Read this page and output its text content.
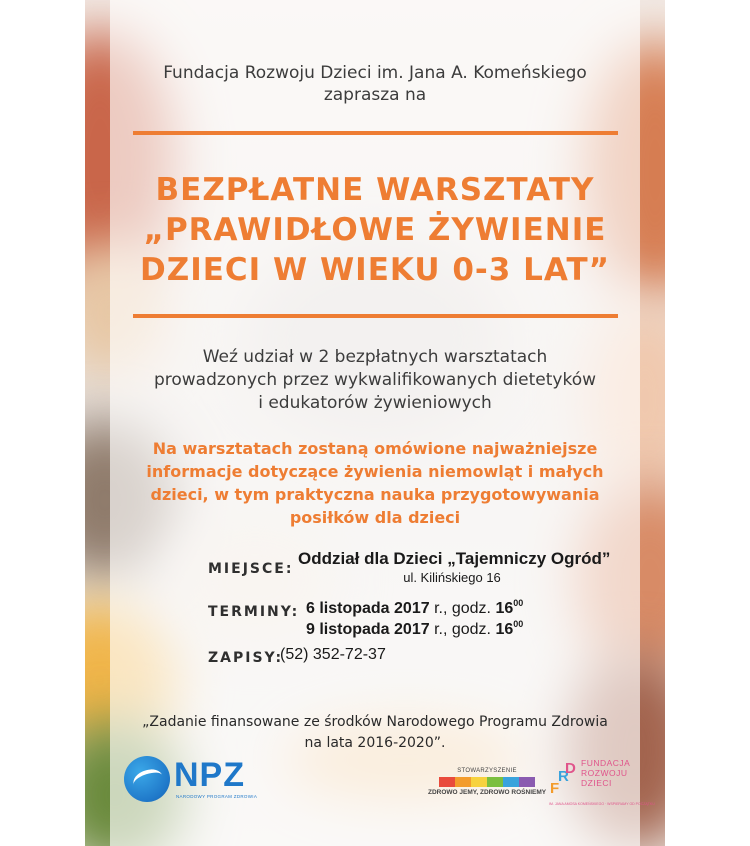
Fundacja Rozwoju Dzieci im. Jana A. Komeńskiego
zaprasza na
BEZPŁATNE WARSZTATY
„PRAWIDŁOWE ŻYWIENIE
DZIECI W WIEKU 0-3 LAT”
Weź udział w 2 bezpłatnych warsztatach
prowadzonych przez wykwalifikowanych dietetyków
i edukatorów żywieniowych
Na warsztatach zostaną omówione najważniejsze
informacje dotyczące żywienia niemowląt i małych
dzieci, w tym praktyczna nauka przygotowywania
posiłków dla dzieci
MIEJSCE:
Oddział dla Dzieci „Tajemniczy Ogród”
ul. Kilińskiego 16
TERMINY: 6 listopada 2017 r., godz. $16^{00}$
9 listopada 2017 r., godz. $16^{00}$
ZAPISY:
(52) 352-72-37
„Zadanie finansowane ze środków Narodowego Programu Zdrowia
na lata 2016-2020”.
NPZ
NARODOWY PROGRAM ZDROWIA
STOWARZYSZENIE
ZDROWO JEMY, ZDROWO ROŚNIEMY F
R
D FUNDACJA
ROZWOJU
DZIECI
IM. JANA AMOSA KOMEŃSKIEGO · WSPIERAMY OD POCZĄTKU
